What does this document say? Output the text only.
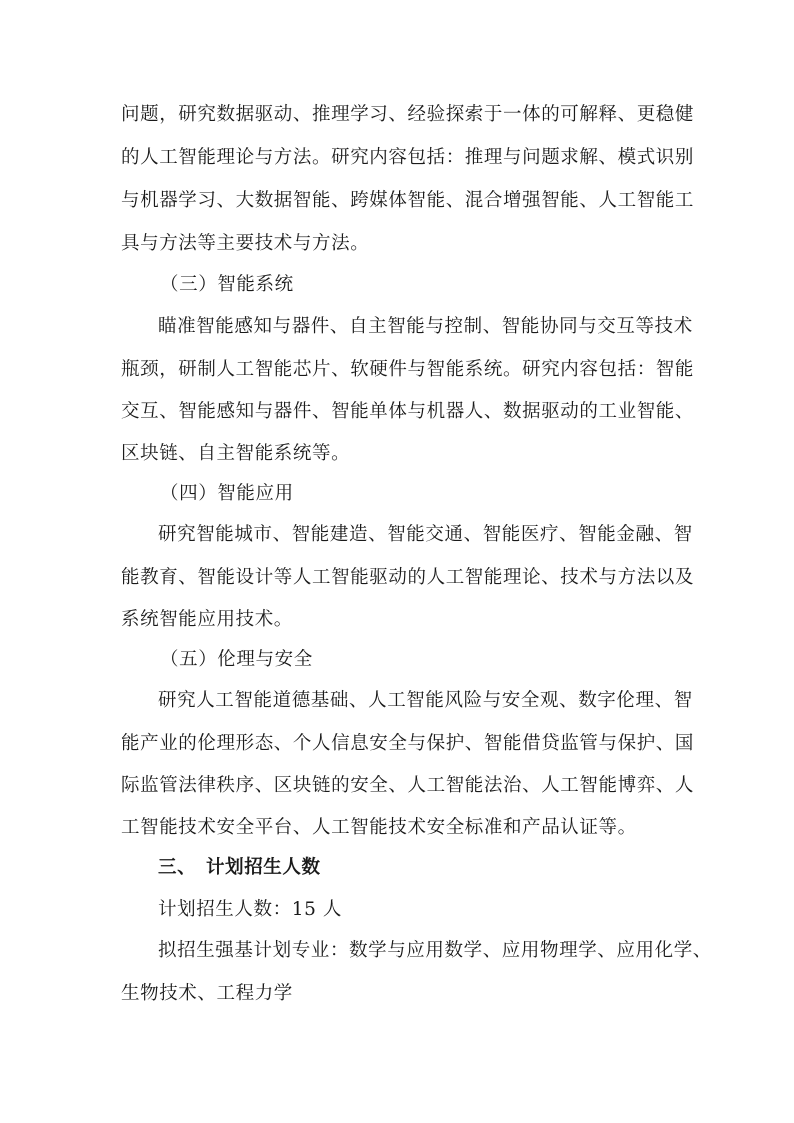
问题，研究数据驱动、推理学习、经验探索于一体的可解释、更稳健
的人工智能理论与方法。研究内容包括：推理与问题求解、模式识别
与机器学习、大数据智能、跨媒体智能、混合增强智能、人工智能工
具与方法等主要技术与方法。
（三）智能系统
瞄准智能感知与器件、自主智能与控制、智能协同与交互等技术
瓶颈，研制人工智能芯片、软硬件与智能系统。研究内容包括：智能
交互、智能感知与器件、智能单体与机器人、数据驱动的工业智能、
区块链、自主智能系统等。
（四）智能应用
研究智能城市、智能建造、智能交通、智能医疗、智能金融、智
能教育、智能设计等人工智能驱动的人工智能理论、技术与方法以及
系统智能应用技术。
（五）伦理与安全
研究人工智能道德基础、人工智能风险与安全观、数字伦理、智
能产业的伦理形态、个人信息安全与保护、智能借贷监管与保护、国
际监管法律秩序、区块链的安全、人工智能法治、人工智能博弈、人
工智能技术安全平台、人工智能技术安全标准和产品认证等。
三、 计划招生人数
计划招生人数：15 人
拟招生强基计划专业：数学与应用数学、应用物理学、应用化学、
生物技术、工程力学
